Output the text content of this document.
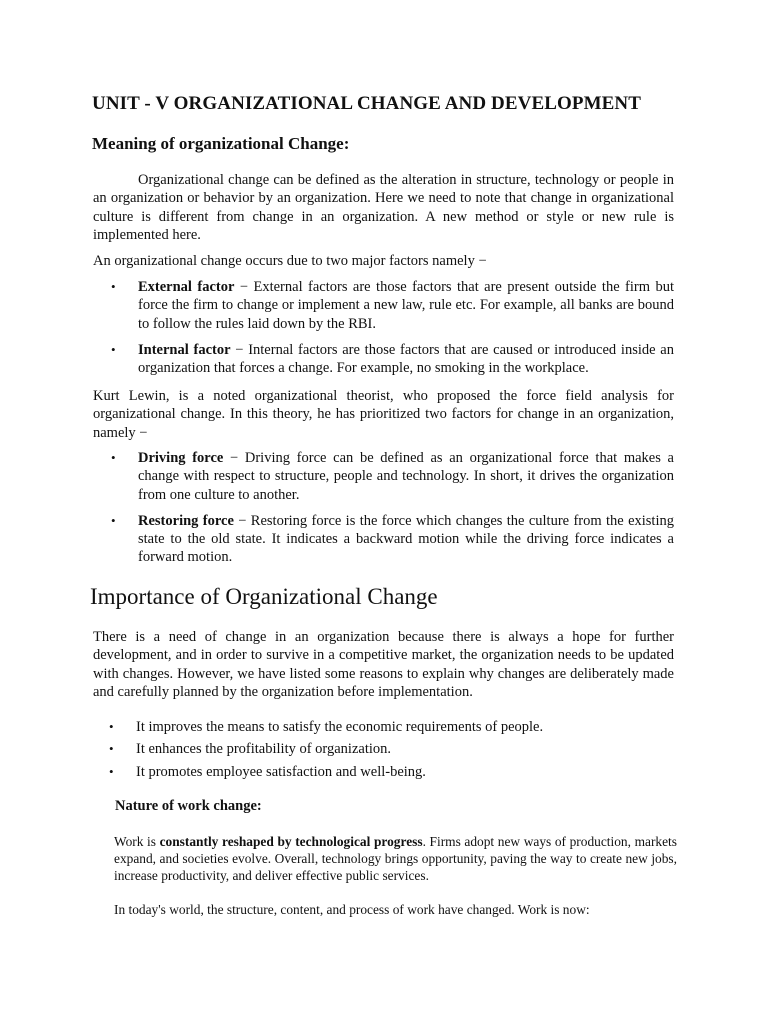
UNIT - V ORGANIZATIONAL CHANGE AND DEVELOPMENT
Meaning of organizational Change:

Organizational change can be defined as the alteration in structure, technology or people in an organization or behavior by an organization. Here we need to note that change in organizational culture is different from change in an organization. A new method or style or new rule is implemented here.

An organizational change occurs due to two major factors namely −

• External factor − External factors are those factors that are present outside the firm but force the firm to change or implement a new law, rule etc. For example, all banks are bound to follow the rules laid down by the RBI.
• Internal factor − Internal factors are those factors that are caused or introduced inside an organization that forces a change. For example, no smoking in the workplace.

Kurt Lewin, is a noted organizational theorist, who proposed the force field analysis for organizational change. In this theory, he has prioritized two factors for change in an organization, namely −

• Driving force − Driving force can be defined as an organizational force that makes a change with respect to structure, people and technology. In short, it drives the organization from one culture to another.
• Restoring force − Restoring force is the force which changes the culture from the existing state to the old state. It indicates a backward motion while the driving force indicates a forward motion.
Importance of Organizational Change

There is a need of change in an organization because there is always a hope for further development, and in order to survive in a competitive market, the organization needs to be updated with changes. However, we have listed some reasons to explain why changes are deliberately made and carefully planned by the organization before implementation.

• It improves the means to satisfy the economic requirements of people.
• It enhances the profitability of organization.
• It promotes employee satisfaction and well-being.
Nature of work change:

Work is constantly reshaped by technological progress. Firms adopt new ways of production, markets expand, and societies evolve. Overall, technology brings opportunity, paving the way to create new jobs, increase productivity, and deliver effective public services.

In today's world, the structure, content, and process of work have changed. Work is now:
